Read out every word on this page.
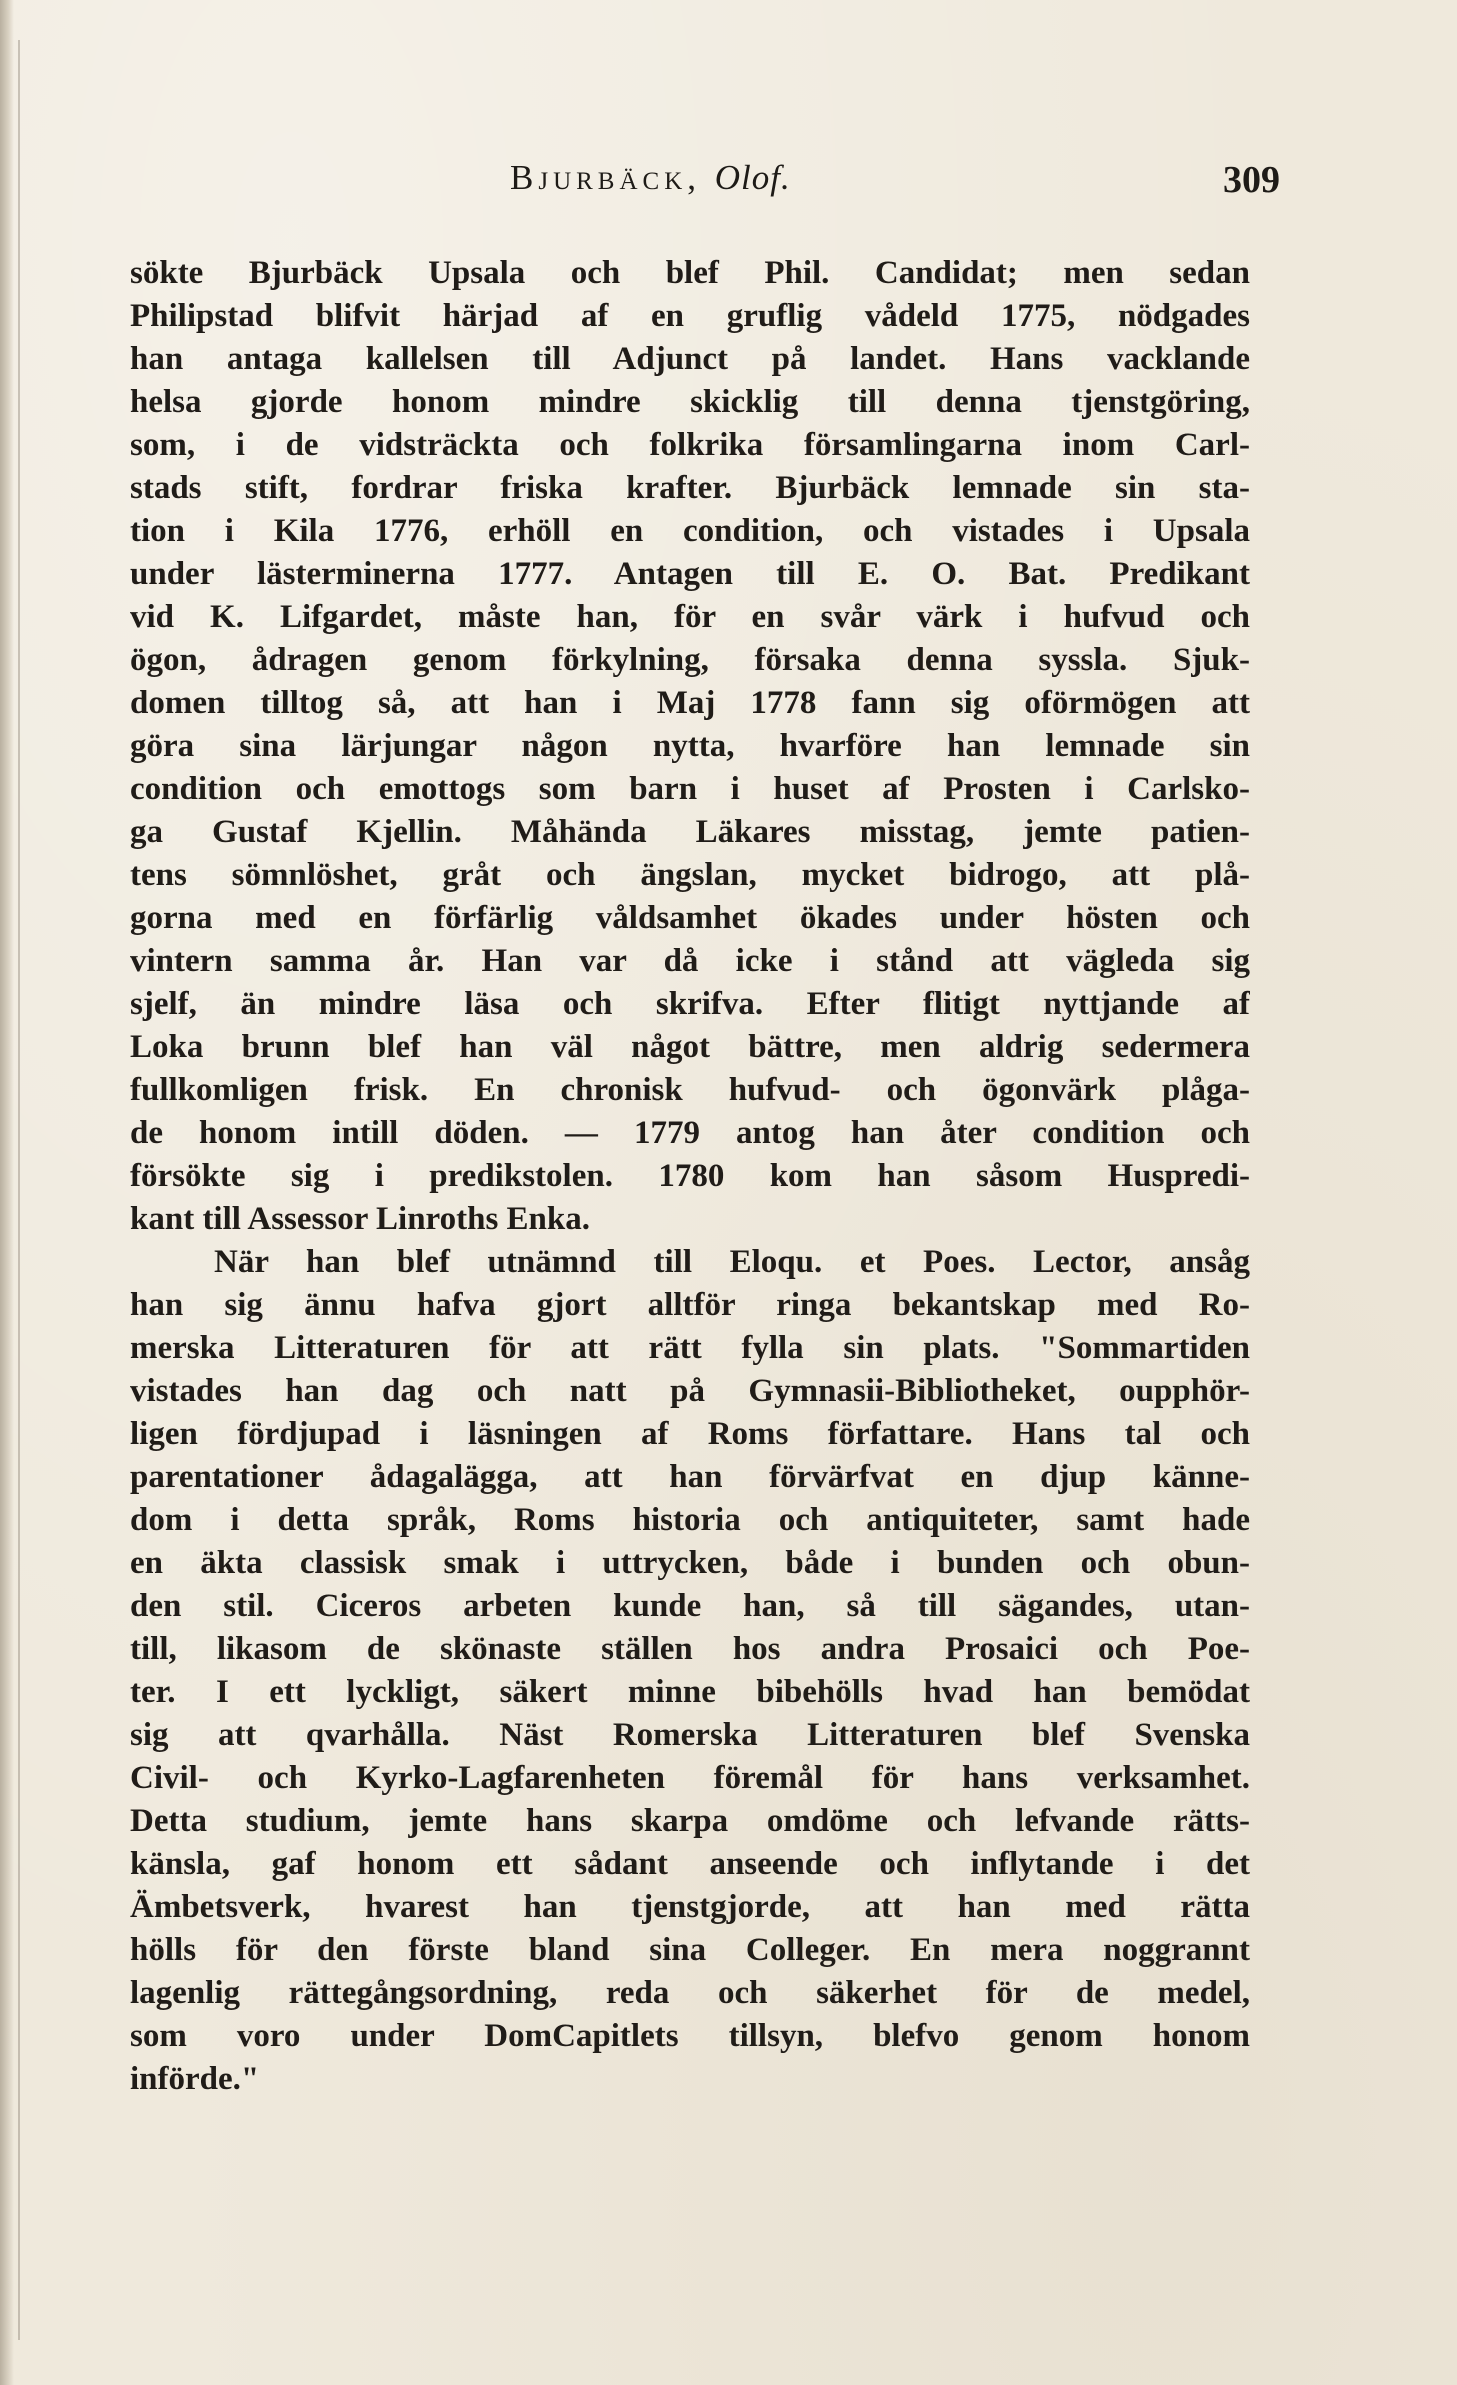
Bjurbäck, Olof.	309
sökte Bjurbäck Upsala och blef Phil. Candidat; men sedan
Philipstad blifvit härjad af en gruflig vådeld 1775, nödgades
han antaga kallelsen till Adjunct på landet. Hans vacklande
helsa gjorde honom mindre skicklig till denna tjenstgöring,
som, i de vidsträckta och folkrika församlingarna inom Carl-
stads stift, fordrar friska krafter. Bjurbäck lemnade sin sta-
tion i Kila 1776, erhöll en condition, och vistades i Upsala
under lästerminerna 1777. Antagen till E. O. Bat. Predikant
vid K. Lifgardet, måste han, för en svår värk i hufvud och
ögon, ådragen genom förkylning, försaka denna syssla. Sjuk-
domen tilltog så, att han i Maj 1778 fann sig oförmögen att
göra sina lärjungar någon nytta, hvarföre han lemnade sin
condition och emottogs som barn i huset af Prosten i Carlsko-
ga Gustaf Kjellin. Måhända Läkares misstag, jemte patien-
tens sömnlöshet, gråt och ängslan, mycket bidrogo, att plå-
gorna med en förfärlig våldsamhet ökades under hösten och
vintern samma år. Han var då icke i stånd att vägleda sig
sjelf, än mindre läsa och skrifva. Efter flitigt nyttjande af
Loka brunn blef han väl något bättre, men aldrig sedermera
fullkomligen frisk. En chronisk hufvud- och ögonvärk plåga-
de honom intill döden. — 1779 antog han åter condition och
försökte sig i predikstolen. 1780 kom han såsom Huspredi-
kant till Assessor Linroths Enka.
När han blef utnämnd till Eloqu. et Poes. Lector, ansåg
han sig ännu hafva gjort alltför ringa bekantskap med Ro-
merska Litteraturen för att rätt fylla sin plats. "Sommartiden
vistades han dag och natt på Gymnasii-Bibliotheket, oupphör-
ligen fördjupad i läsningen af Roms författare. Hans tal och
parentationer ådagalägga, att han förvärfvat en djup känne-
dom i detta språk, Roms historia och antiquiteter, samt hade
en äkta classisk smak i uttrycken, både i bunden och obun-
den stil. Ciceros arbeten kunde han, så till sägandes, utan-
till, likasom de skönaste ställen hos andra Prosaici och Poe-
ter. I ett lyckligt, säkert minne bibehölls hvad han bemödat
sig att qvarhålla. Näst Romerska Litteraturen blef Svenska
Civil- och Kyrko-Lagfarenheten föremål för hans verksamhet.
Detta studium, jemte hans skarpa omdöme och lefvande rätts-
känsla, gaf honom ett sådant anseende och inflytande i det
Ämbetsverk, hvarest han tjenstgjorde, att han med rätta
hölls för den förste bland sina Colleger. En mera noggrannt
lagenlig rättegångsordning, reda och säkerhet för de medel,
som voro under DomCapitlets tillsyn, blefvo genom honom
införde."
